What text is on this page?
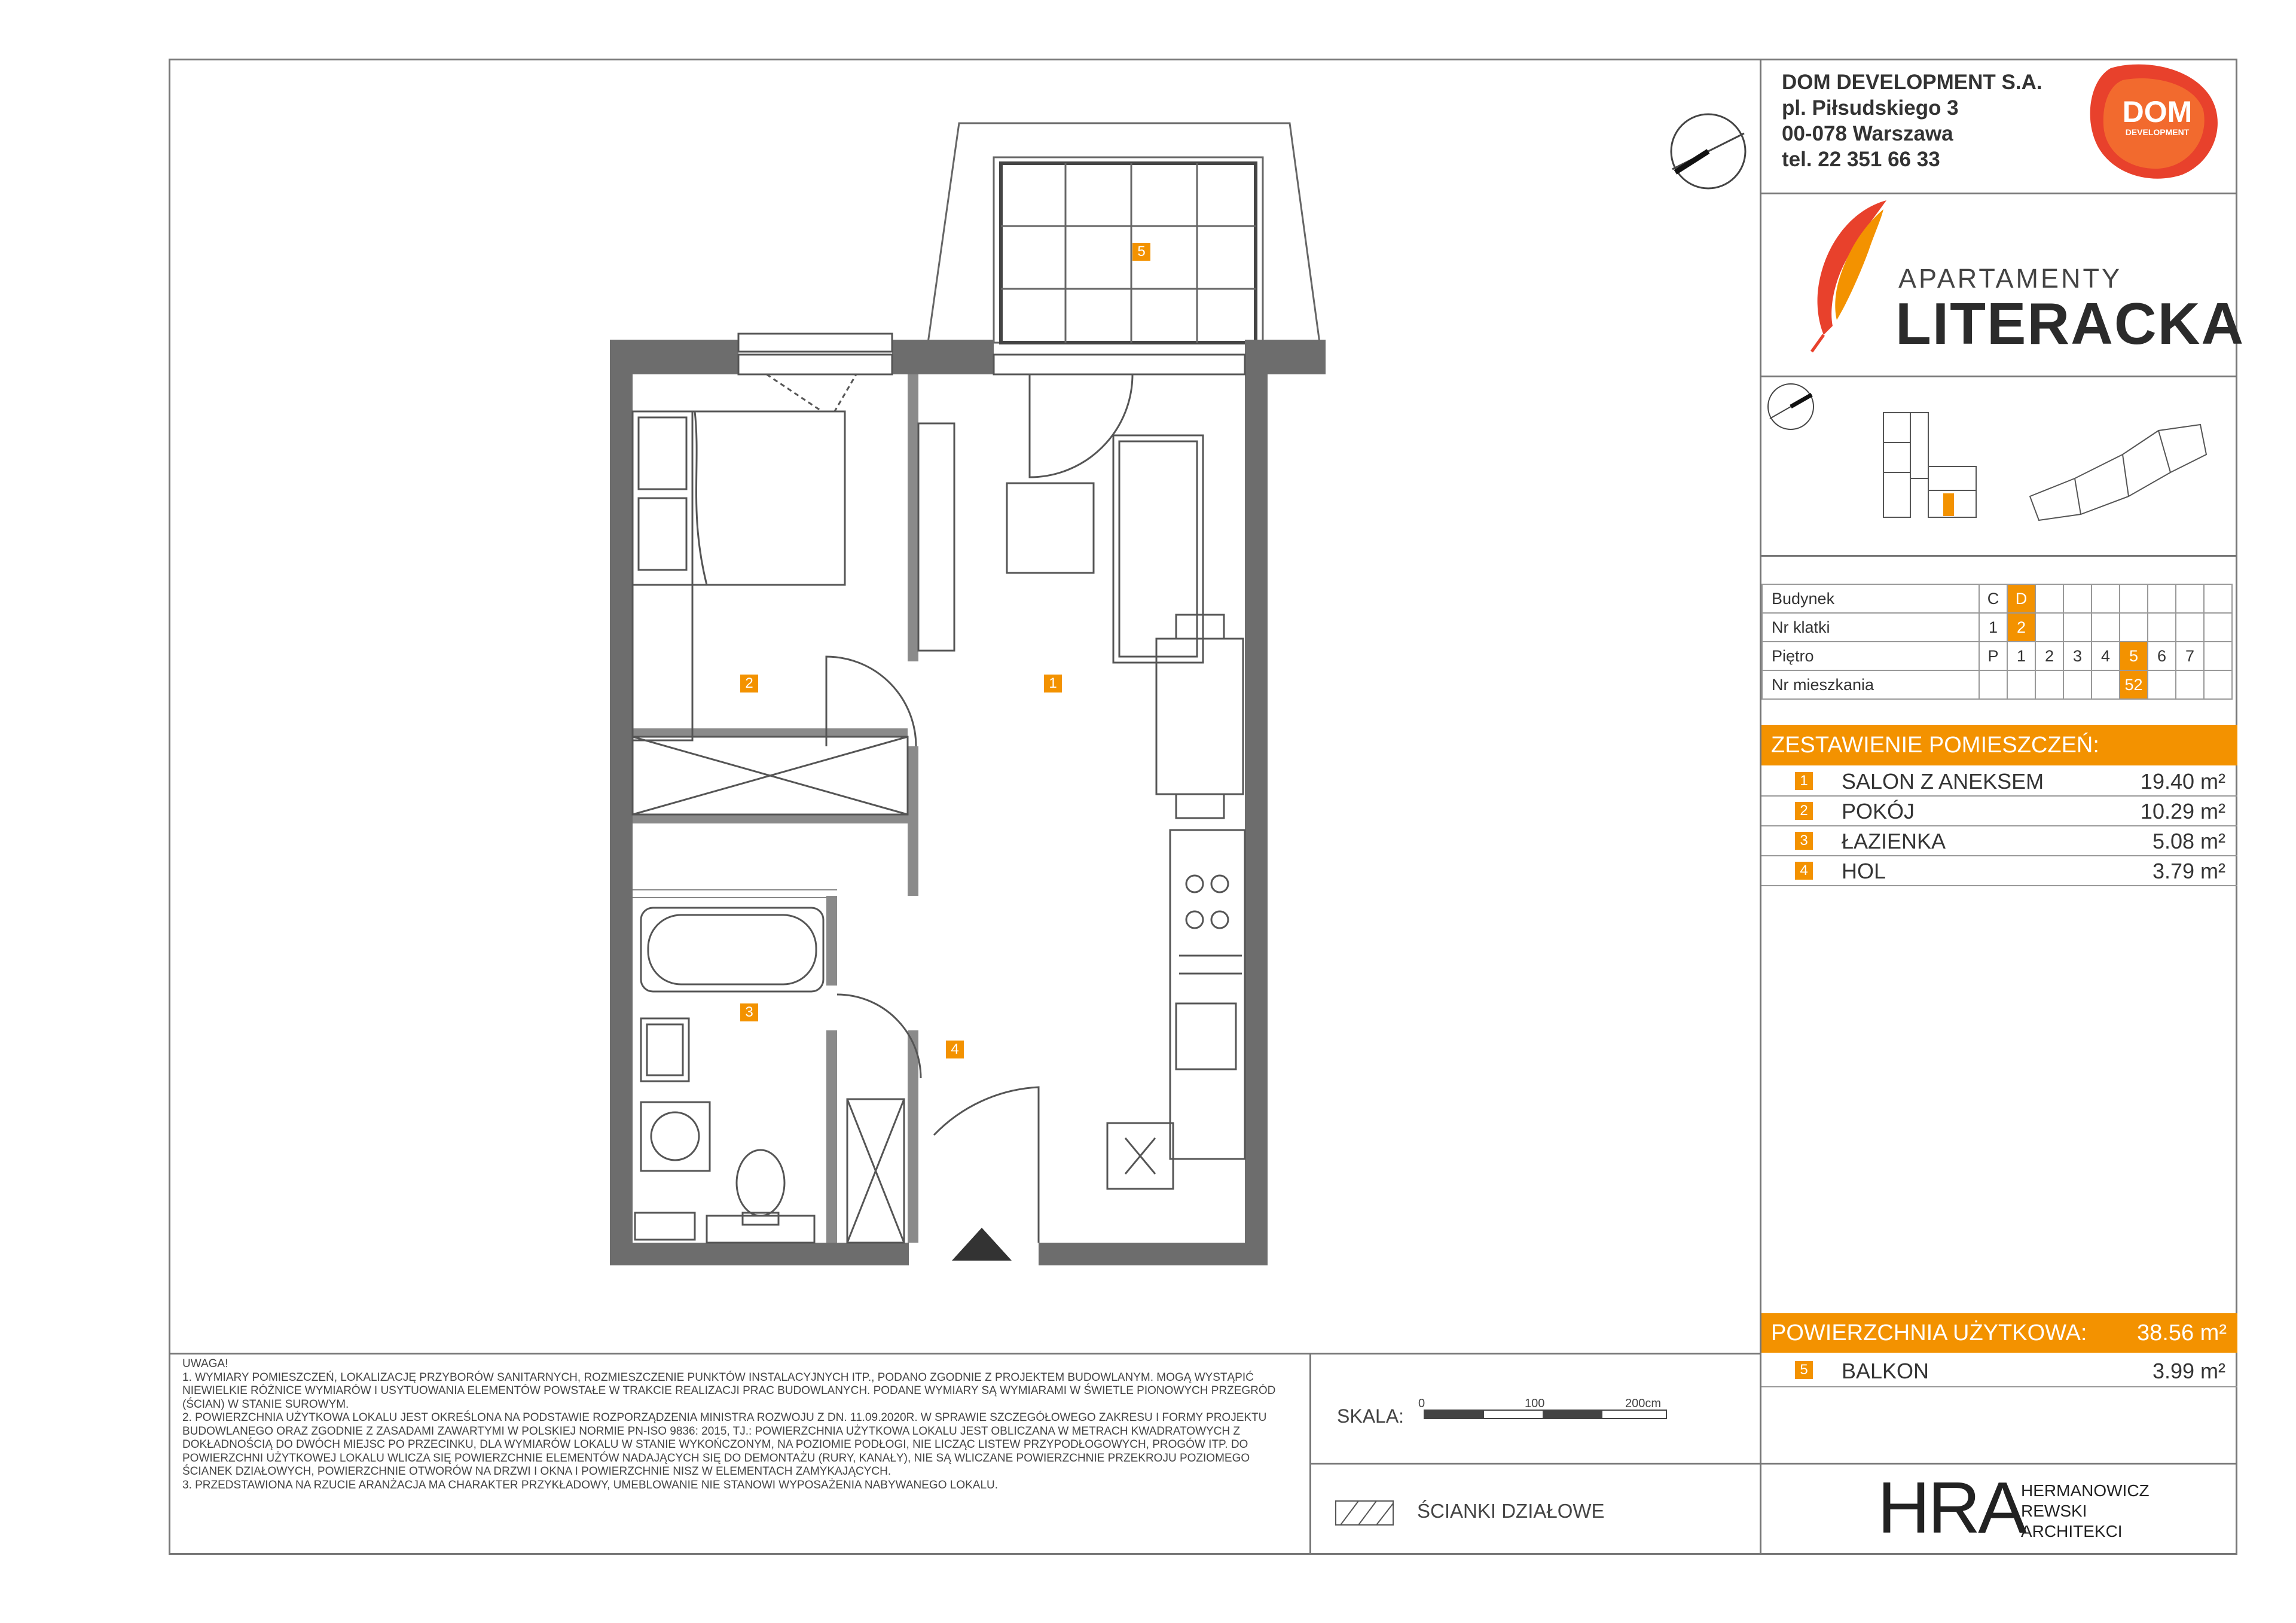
DOM DEVELOPMENT S.A.
pl. Piłsudskiego 3
00-078 Warszawa
tel. 22 351 66 33
DOM
DEVELOPMENT
APARTAMENTY
LITERACKA
Budynek	C	D							
Nr klatki	1	2							
Piętro	P	1	2	3	4	5	6	7	
Nr mieszkania						52			
ZESTAWIENIE POMIESZCZEŃ:
1 SALON Z ANEKSEM	19.40 m²
2 POKÓJ	10.29 m²
3 ŁAZIENKA	5.08 m²
4 HOL	3.79 m²
POWIERZCHNIA UŻYTKOWA: 38.56 m²
5 BALKON	3.99 m²
1
2
3
4
5

UWAGA!

1. WYMIARY POMIESZCZEŃ, LOKALIZACJĘ PRZYBORÓW SANITARNYCH, ROZMIESZCZENIE PUNKTÓW INSTALACYJNYCH ITP., PODANO ZGODNIE Z PROJEKTEM BUDOWLANYM. MOGĄ WYSTĄPIĆ NIEWIELKIE RÓŻNICE WYMIARÓW I USYTUOWANIA ELEMENTÓW POWSTAŁE W TRAKCIE REALIZACJI PRAC BUDOWLANYCH. PODANE WYMIARY SĄ WYMIARAMI W ŚWIETLE PIONOWYCH PRZEGRÓD (ŚCIAN) W STANIE SUROWYM.

2. POWIERZCHNIA UŻYTKOWA LOKALU JEST OKREŚLONA NA PODSTAWIE ROZPORZĄDZENIA MINISTRA ROZWOJU Z DN. 11.09.2020R. W SPRAWIE SZCZEGÓŁOWEGO ZAKRESU I FORMY PROJEKTU BUDOWLANEGO ORAZ ZGODNIE Z ZASADAMI ZAWARTYMI W POLSKIEJ NORMIE PN-ISO 9836: 2015, TJ.: POWIERZCHNIA UŻYTKOWA LOKALU JEST OBLICZANA W METRACH KWADRATOWYCH Z DOKŁADNOŚCIĄ DO DWÓCH MIEJSC PO PRZECINKU, DLA WYMIARÓW LOKALU W STANIE WYKOŃCZONYM, NA POZIOMIE PODŁOGI, NIE LICZĄC LISTEW PRZYPODŁOGOWYCH, PROGÓW ITP. DO POWIERZCHNI UŻYTKOWEJ LOKALU WLICZA SIĘ POWIERZCHNIE ELEMENTÓW NADAJĄCYCH SIĘ DO DEMONTAŻU (RURY, KANAŁY), NIE SĄ WLICZANE POWIERZCHNIE PRZEKROJU POZIOMEGO ŚCIANEK DZIAŁOWYCH, POWIERZCHNIE OTWORÓW NA DRZWI I OKNA I POWIERZCHNIE NISZ W ELEMENTACH ZAMYKAJĄCYCH.

3. PRZEDSTAWIONA NA RZUCIE ARANŻACJA MA CHARAKTER PRZYKŁADOWY, UMEBLOWANIE NIE STANOWI WYPOSAŻENIA NABYWANEGO LOKALU.

SKALA:
0	100	200cm
ŚCIANKI DZIAŁOWE	HRA
HERMANOWICZ
REWSKI
ARCHITEKCI
